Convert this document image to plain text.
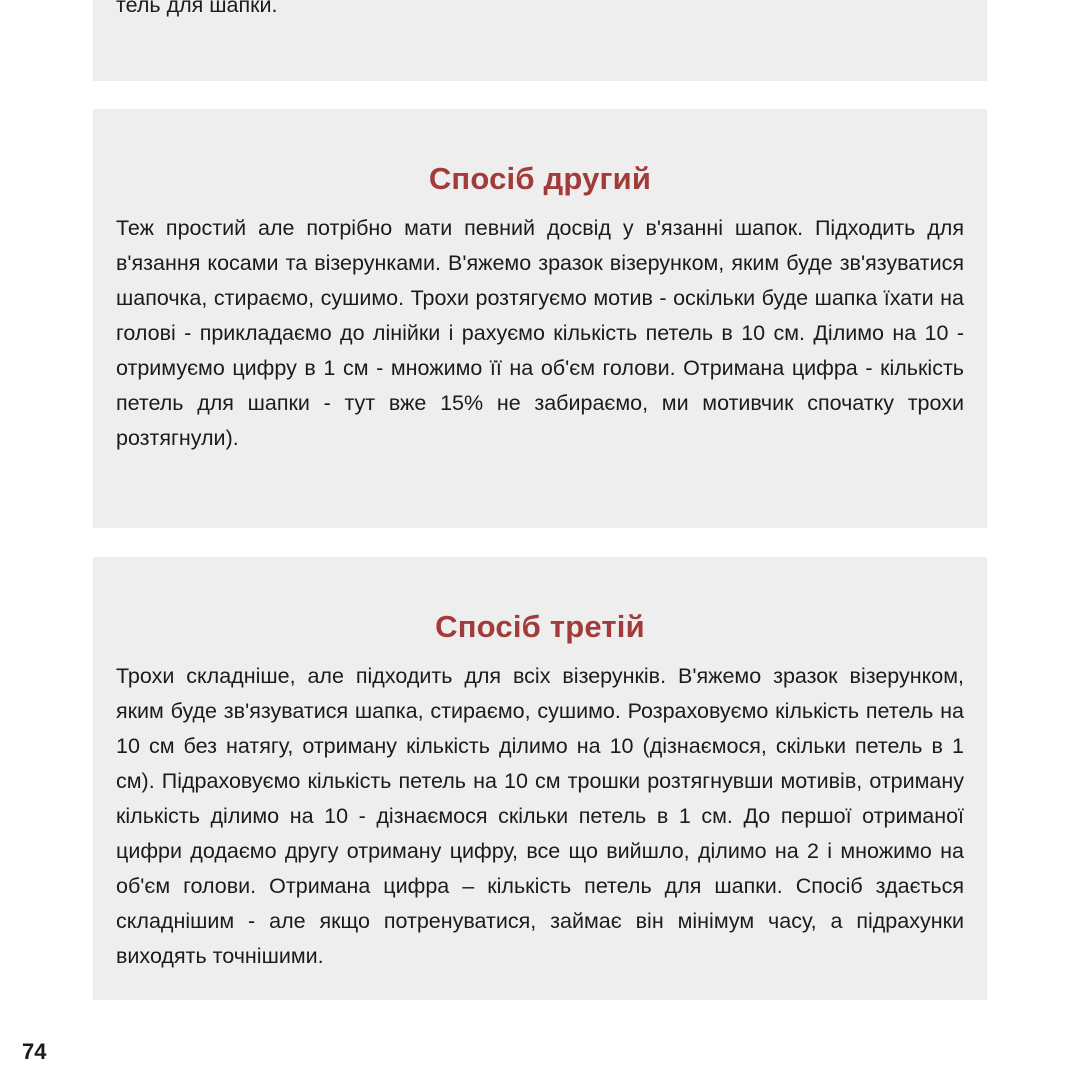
тель для шапки.

Спосіб другий

Теж простий але потрібно мати певний досвід у в'язанні шапок. Підходить для в'язання косами та візерунками. В'яжемо зразок візерунком, яким буде зв'язуватися шапочка, стираємо, сушимо. Трохи розтягуємо мотив - оскільки буде шапка їхати на голові - прикладаємо до лінійки і рахуємо кількість петель в 10 см. Ділимо на 10 - отримуємо цифру в 1 см - множимо її на об'єм голови. Отримана цифра - кількість петель для шапки - тут вже 15% не забираємо, ми мотивчик спочатку трохи розтягнули).

Спосіб третій

Трохи складніше, але підходить для всіх візерунків. В'яжемо зразок візерунком, яким буде зв'язуватися шапка, стираємо, сушимо. Розраховуємо кількість петель на 10 см без натягу, отриману кількість ділимо на 10 (дізнаємося, скільки петель в 1 см). Підраховуємо кількість петель на 10 см трошки розтягнувши мотивів, отриману кількість ділимо на 10 - дізнаємося скільки петель в 1 см. До першої отриманої цифри додаємо другу отриману цифру, все що вийшло, ділимо на 2 і множимо на об'єм голови. Отримана цифра – кількість петель для шапки. Спосіб здається складнішим - але якщо потренуватися, займає він мінімум часу, а підрахунки виходять точнішими.

74
